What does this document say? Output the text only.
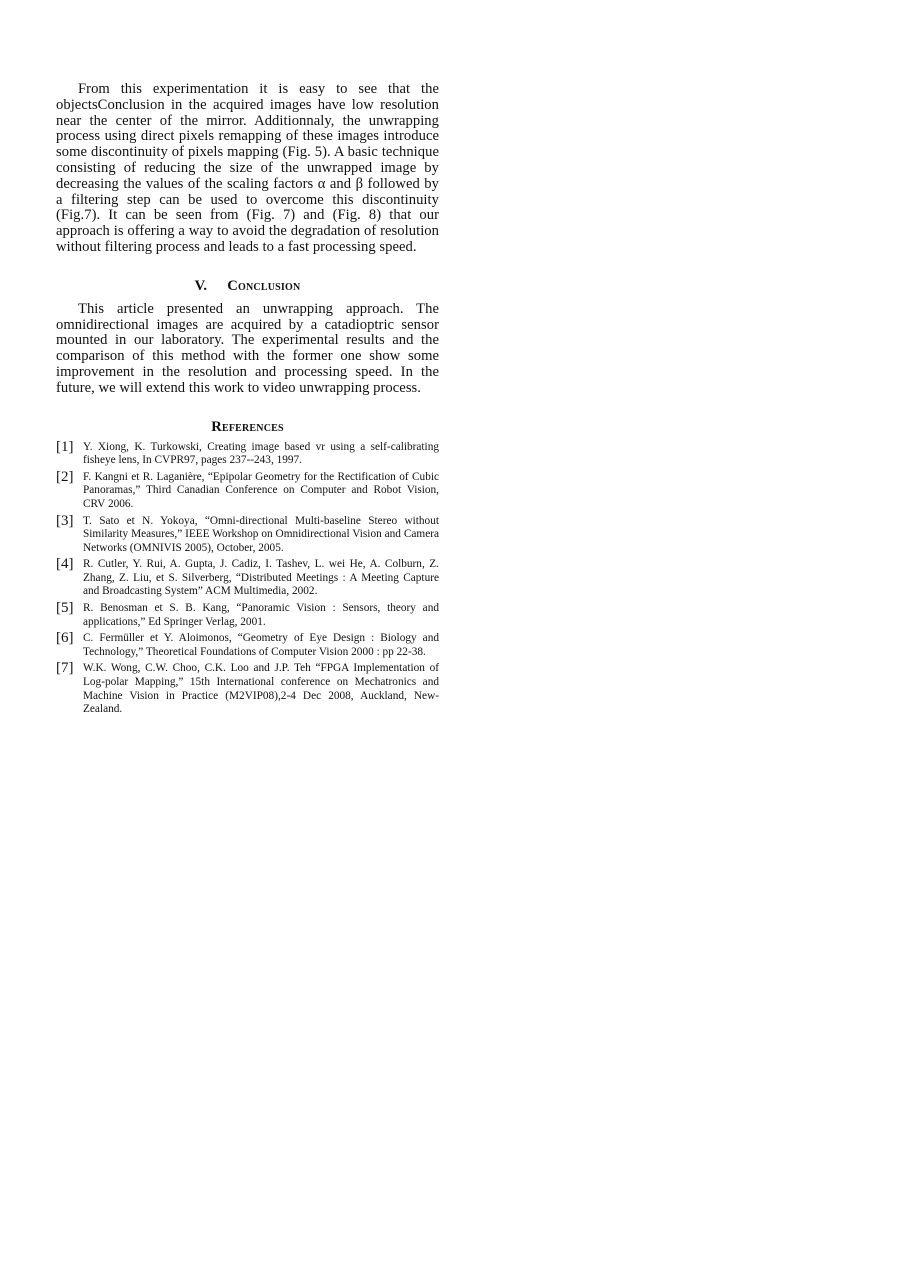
From this experimentation it is easy to see that the objectsConclusion in the acquired images have low resolution near the center of the mirror. Additionnaly, the unwrapping process using direct pixels remapping of these images introduce some discontinuity of pixels mapping (Fig. 5). A basic technique consisting of reducing the size of the unwrapped image by decreasing the values of the scaling factors α and β followed by a filtering step can be used to overcome this discontinuity (Fig.7). It can be seen from (Fig. 7) and (Fig. 8) that our approach is offering a way to avoid the degradation of resolution without filtering process and leads to a fast processing speed.

V. Conclusion

This article presented an unwrapping approach. The omnidirectional images are acquired by a catadioptric sensor mounted in our laboratory. The experimental results and the comparison of this method with the former one show some improvement in the resolution and processing speed. In the future, we will extend this work to video unwrapping process.

References
[1] Y. Xiong, K. Turkowski, Creating image based vr using a self-calibrating fisheye lens, In CVPR97, pages 237--243, 1997.
[2] F. Kangni et R. Laganière, “Epipolar Geometry for the Rectification of Cubic Panoramas,” Third Canadian Conference on Computer and Robot Vision, CRV 2006.
[3] T. Sato et N. Yokoya, “Omni-directional Multi-baseline Stereo without Similarity Measures,” IEEE Workshop on Omnidirectional Vision and Camera Networks (OMNIVIS 2005), October, 2005.
[4] R. Cutler, Y. Rui, A. Gupta, J. Cadiz, I. Tashev, L. wei He, A. Colburn, Z. Zhang, Z. Liu, et S. Silverberg, “Distributed Meetings : A Meeting Capture and Broadcasting System” ACM Multimedia, 2002.
[5] R. Benosman et S. B. Kang, “Panoramic Vision : Sensors, theory and applications,” Ed Springer Verlag, 2001.
[6] C. Fermüller et Y. Aloimonos, “Geometry of Eye Design : Biology and Technology,” Theoretical Foundations of Computer Vision 2000 : pp 22-38.
[7] W.K. Wong, C.W. Choo, C.K. Loo and J.P. Teh “FPGA Implementation of Log-polar Mapping,” 15th International conference on Mechatronics and Machine Vision in Practice (M2VIP08),2-4 Dec 2008, Auckland, New-Zealand.
